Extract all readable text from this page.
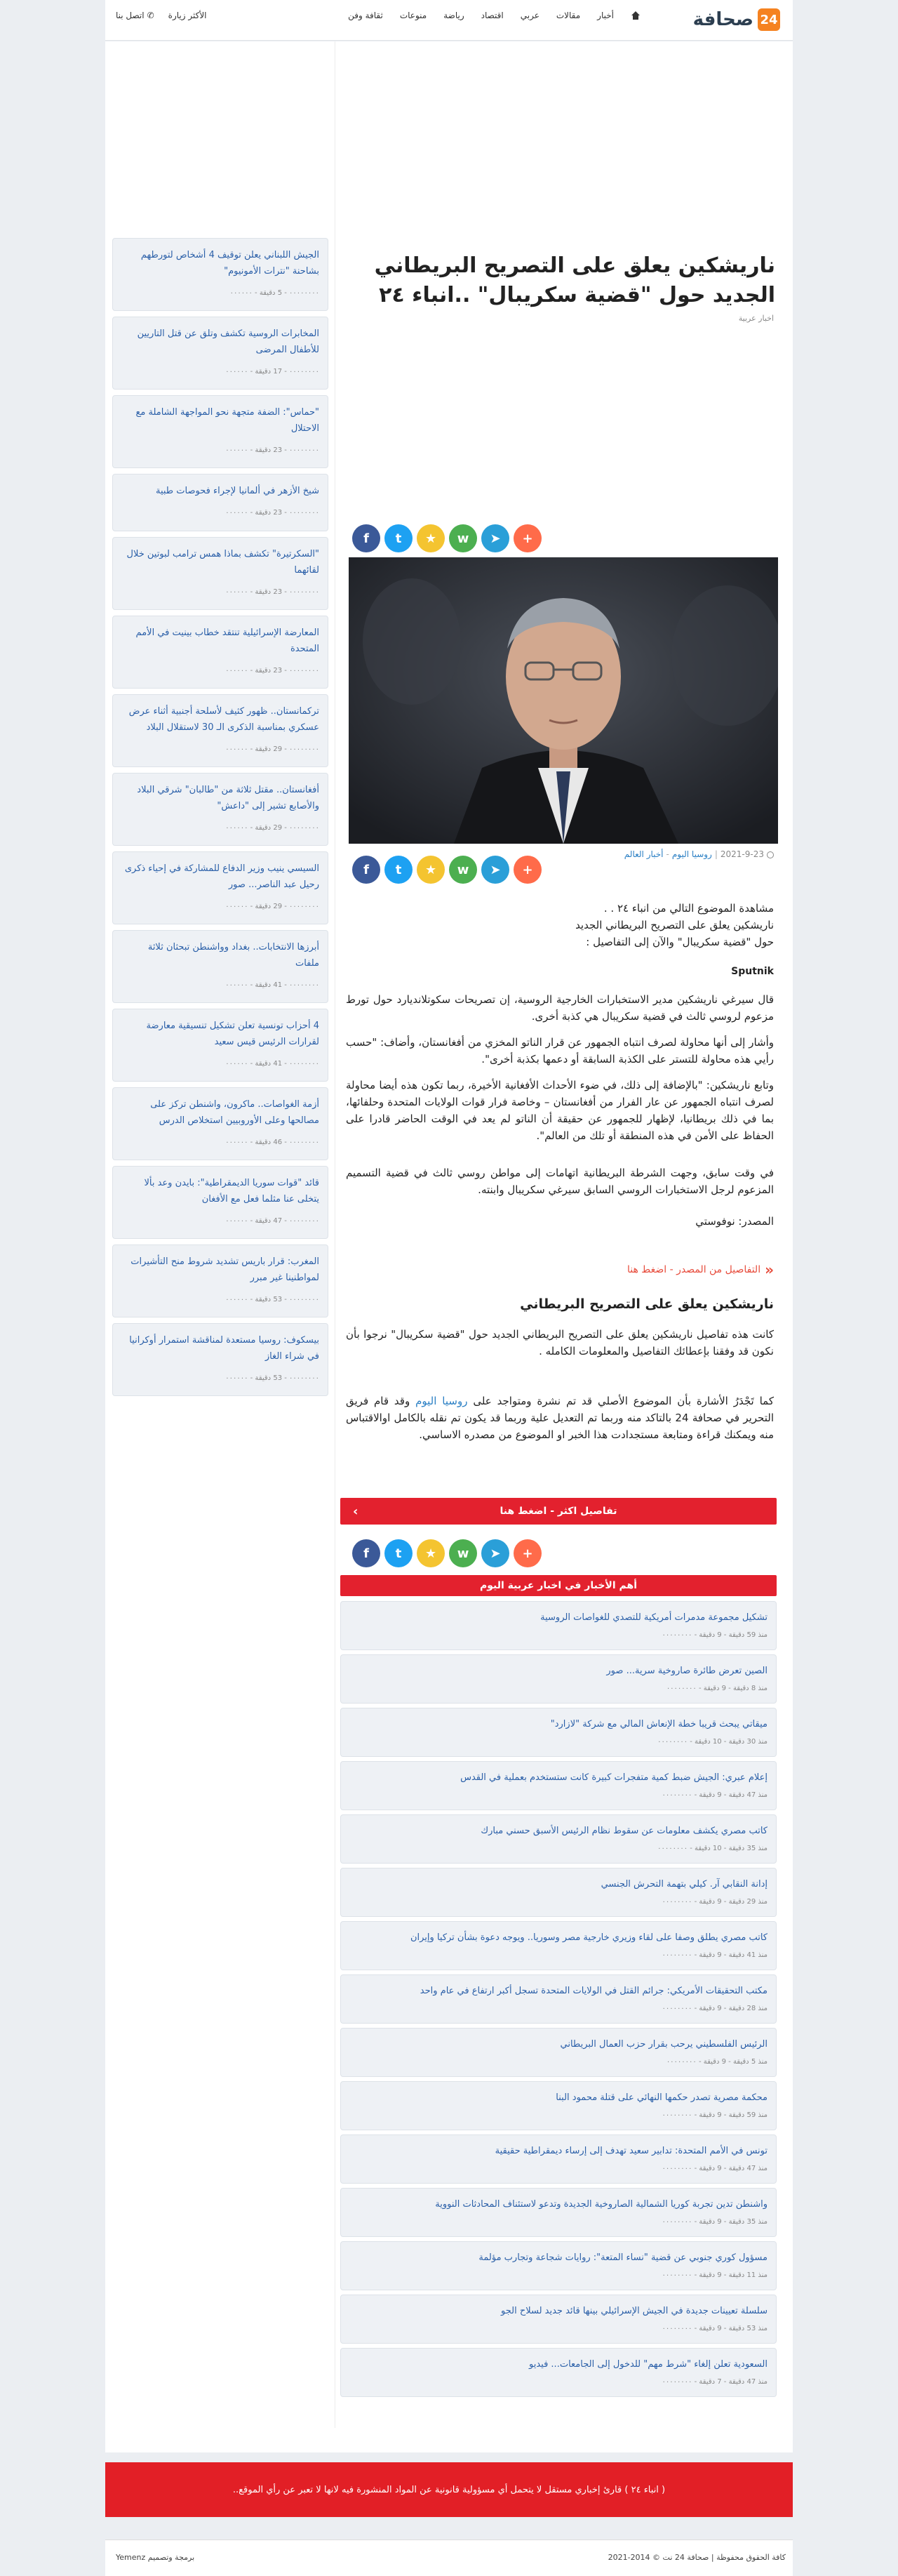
24
صحافة
أخبار
مقالات
عربي
اقتصاد
رياضة
منوعات
ثقافة وفن
الأكثر زيارة
✆اتصل بنا
الجيش اللبناني يعلن توقيف 4 أشخاص لتورطهم بشاحنة "نترات الأمونيوم"
٠٠٠٠٠٠٠٠ - 5 دقيقة - ٠٠٠٠٠٠
المخابرات الروسية تكشف وتلق عن قتل التاريين للأطفال المرضى
٠٠٠٠٠٠٠٠ - 17 دقيقة - ٠٠٠٠٠٠
"حماس": الضفة متجهة نحو المواجهة الشاملة مع الاحتلال
٠٠٠٠٠٠٠٠ - 23 دقيقة - ٠٠٠٠٠٠
شيخ الأزهر في ألمانيا لإجراء فحوصات طبية
٠٠٠٠٠٠٠٠ - 23 دقيقة - ٠٠٠٠٠٠
"السكرتيرة" تكشف بماذا همس ترامب لبوتين خلال لقائهما
٠٠٠٠٠٠٠٠ - 23 دقيقة - ٠٠٠٠٠٠
المعارضة الإسرائيلية تنتقد خطاب بينيت في الأمم المتحدة
٠٠٠٠٠٠٠٠ - 23 دقيقة - ٠٠٠٠٠٠
تركمانستان.. ظهور كثيف لأسلحة أجنبية أثناء عرض عسكري بمناسبة الذكرى الـ 30 لاستقلال البلاد
٠٠٠٠٠٠٠٠ - 29 دقيقة - ٠٠٠٠٠٠
أفغانستان.. مقتل ثلاثة من "طالبان" شرقي البلاد والأصابع تشير إلى "داعش"
٠٠٠٠٠٠٠٠ - 29 دقيقة - ٠٠٠٠٠٠
السيسي ينيب وزير الدفاع للمشاركة في إحياء ذكرى رحيل عبد الناصر... صور
٠٠٠٠٠٠٠٠ - 29 دقيقة - ٠٠٠٠٠٠
أبرزها الانتخابات.. بغداد وواشنطن تبحثان ثلاثة ملفات
٠٠٠٠٠٠٠٠ - 41 دقيقة - ٠٠٠٠٠٠
4 أحزاب تونسية تعلن تشكيل تنسيقية معارضة لقرارات الرئيس قيس سعيد
٠٠٠٠٠٠٠٠ - 41 دقيقة - ٠٠٠٠٠٠
أزمة الغواصات.. ماكرون، واشنطن تركز على مصالحها وعلى الأوروبيين استخلاص الدرس
٠٠٠٠٠٠٠٠ - 46 دقيقة - ٠٠٠٠٠٠
قائد "قوات سوريا الديمقراطية": بايدن وعد بألا يتخلى عنا مثلما فعل مع الأفغان
٠٠٠٠٠٠٠٠ - 47 دقيقة - ٠٠٠٠٠٠
المغرب: قرار باريس تشديد شروط منح التأشيرات لمواطنينا غير مبرر
٠٠٠٠٠٠٠٠ - 53 دقيقة - ٠٠٠٠٠٠
بيسكوف: روسيا مستعدة لمناقشة استمرار أوكرانيا في شراء الغاز
٠٠٠٠٠٠٠٠ - 53 دقيقة - ٠٠٠٠٠٠
ناريشكين يعلق على التصريح البريطاني الجديد حول "قضية سكريبال" ..انباء ٢٤
اخبار عربية
f	t	★	w	➤	+
2021-9-23|روسيا اليوم-أخبار العالم
f	t	★	w	➤	+

مشاهدة الموضوع التالي من انباء ٢٤ . .
ناريشكين يعلق على التصريح البريطاني الجديد
حول "قضية سكريبال" والآن إلى التفاصيل :

Sputnik

قال سيرغي ناريشكين مدير الاستخبارات الخارجية الروسية، إن تصريحات سكوتلانديارد حول تورط مزعوم لروسي ثالث في قضية سكريبال هي كذبة أخرى.

وأشار إلى أنها محاولة لصرف انتباه الجمهور عن قرار الناتو المخزي من أفغانستان، وأضاف: "حسب رأيي هذه محاولة للتستر على الكذبة السابقة أو دعمها بكذبة أخرى".

وتابع ناريشكين: "بالإضافة إلى ذلك، في ضوء الأحداث الأفغانية الأخيرة، ربما تكون هذه أيضا محاولة لصرف انتباه الجمهور عن عار الفرار من أفغانستان – وخاصة فرار قوات الولايات المتحدة وحلفائها، بما في ذلك بريطانيا، لإظهار للجمهور عن حقيقة أن الناتو لم يعد في الوقت الحاضر قادرا على الحفاظ على الأمن في هذه المنطقة أو تلك من العالم".

في وقت سابق، وجهت الشرطة البريطانية اتهامات إلى مواطن روسي ثالث في قضية التسميم المزعوم لرجل الاستخبارات الروسي السابق سيرغي سكريبال وابنته.

المصدر: نوفوستي
«التفاصيل من المصدر - اضغط هنا
ناريشكين يعلق على التصريح البريطاني

كانت هذه تفاصيل ناريشكين يعلق على التصريح البريطاني الجديد حول "قضية سكريبال" نرجوا بأن نكون قد وفقنا بإعطائك التفاصيل والمعلومات الكامله .

كما تَجْدَرُ الأشارة بأن الموضوع الأصلي قد تم نشرة ومتواجد على روسيا اليوم وقد قام فريق التحرير في صحافة 24 بالتاكد منه وربما تم التعديل علية وربما قد يكون تم نقله بالكامل اوالاقتباس منه ويمكنك قراءة ومتابعة مستجدادت هذا الخبر او الموضوع من مصدره الاساسي.

تفاصيل اكثر - اضغط هنا
›
f	t	★	w	➤	+
أهم الأخبار في اخبار عربية اليوم
تشكيل مجموعة مدمرات أمريكية للتصدي للغواصات الروسية
منذ 59 دقيقة - 9 دقيقة - ٠٠٠٠٠٠٠٠
الصين تعرض طائرة صاروخية سرية... صور
منذ 8 دقيقة - 9 دقيقة - ٠٠٠٠٠٠٠٠
ميقاتي يبحث قريبا خطة الإنعاش المالي مع شركة "لازارد"
منذ 30 دقيقة - 10 دقيقة - ٠٠٠٠٠٠٠٠
إعلام عبري: الجيش ضبط كمية متفجرات كبيرة كانت ستستخدم بعملية في القدس
منذ 47 دقيقة - 9 دقيقة - ٠٠٠٠٠٠٠٠
كاتب مصري يكشف معلومات عن سقوط نظام الرئيس الأسبق حسني مبارك
منذ 35 دقيقة - 10 دقيقة - ٠٠٠٠٠٠٠٠
إدانة النقابي آر. كيلي بتهمة التحرش الجنسي
منذ 29 دقيقة - 9 دقيقة - ٠٠٠٠٠٠٠٠
كاتب مصري يطلق وصفا على لقاء وزيري خارجية مصر وسوريا.. ويوجه دعوة بشأن تركيا وإيران
منذ 41 دقيقة - 9 دقيقة - ٠٠٠٠٠٠٠٠
مكتب التحقيقات الأمريكي: جرائم القتل في الولايات المتحدة تسجل أكبر ارتفاع في عام واحد
منذ 28 دقيقة - 9 دقيقة - ٠٠٠٠٠٠٠٠
الرئيس الفلسطيني يرحب بقرار حزب العمال البريطاني
منذ 5 دقيقة - 9 دقيقة - ٠٠٠٠٠٠٠٠
محكمة مصرية تصدر حكمها النهائي على قتلة محمود البنا
منذ 59 دقيقة - 9 دقيقة - ٠٠٠٠٠٠٠٠
تونس في الأمم المتحدة: تدابير سعيد تهدف إلى إرساء ديمقراطية حقيقية
منذ 47 دقيقة - 9 دقيقة - ٠٠٠٠٠٠٠٠
واشنطن تدين تجربة كوريا الشمالية الصاروخية الجديدة وتدعو لاستئناف المحادثات النووية
منذ 35 دقيقة - 9 دقيقة - ٠٠٠٠٠٠٠٠
مسؤول كوري جنوبي عن قضية "نساء المتعة": روايات شجاعة وتجارب مؤلمة
منذ 11 دقيقة - 9 دقيقة - ٠٠٠٠٠٠٠٠
سلسلة تعيينات جديدة في الجيش الإسرائيلي بينها قائد جديد لسلاح الجو
منذ 53 دقيقة - 9 دقيقة - ٠٠٠٠٠٠٠٠
السعودية تعلن إلغاء "شرط مهم" للدخول إلى الجامعات... فيديو
منذ 47 دقيقة - 7 دقيقة - ٠٠٠٠٠٠٠٠
( انباء ٢٤ ) قارئ إخباري مستقل لا يتحمل أي مسؤولية قانونية عن المواد المنشورة فيه لانها لا تعبر عن رأي الموقع..
كافة الحقوق محفوظة | صحافة 24 نت © 2014-2021
برمجة وتصميم Yemenz
